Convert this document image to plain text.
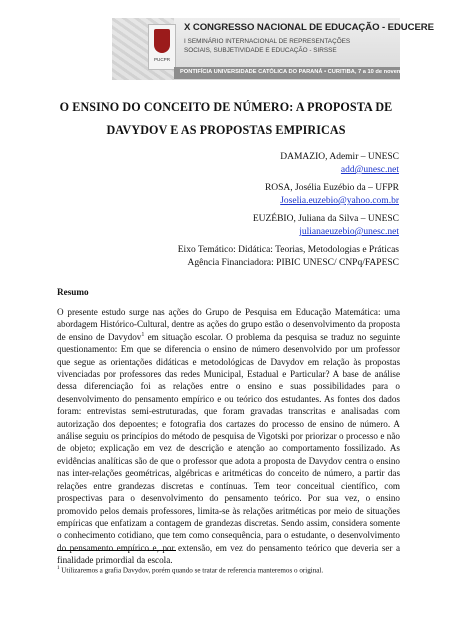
PUCPR
X CONGRESSO NACIONAL DE EDUCAÇÃO - EDUCERE
I SEMINÁRIO INTERNACIONAL DE REPRESENTAÇÕES
SOCIAIS, SUBJETIVIDADE E EDUCAÇÃO - SIRSSE
PONTIFÍCIA UNIVERSIDADE CATÓLICA DO PARANÁ • CURITIBA, 7 a 10 de novembro de 2011
O ENSINO DO CONCEITO DE NÚMERO: A PROPOSTA DE
DAVYDOV E AS PROPOSTAS EMPIRICAS
DAMAZIO, Ademir – UNESC
add@unesc.net
ROSA, Josélia Euzébio da – UFPR
Joselia.euzebio@yahoo.com.br
EUZÉBIO, Juliana da Silva – UNESC
julianaeuzebio@unesc.net
Eixo Temático: Didática: Teorias, Metodologias e Práticas
Agência Financiadora: PIBIC UNESC/ CNPq/FAPESC
Resumo

O presente estudo surge nas ações do Grupo de Pesquisa em Educação Matemática: uma abordagem Histórico-Cultural, dentre as ações do grupo estão o desenvolvimento da proposta de ensino de Davydov$^1$ em situação escolar. O problema da pesquisa se traduz no seguinte questionamento: Em que se diferencia o ensino de número desenvolvido por um professor que segue as orientações didáticas e metodológicas de Davydov em relação às propostas vivenciadas por professores das redes Municipal, Estadual e Particular? A base de análise dessa diferenciação foi as relações entre o ensino e suas possibilidades para o desenvolvimento do pensamento empírico e ou teórico dos estudantes. As fontes dos dados foram: entrevistas semi-estruturadas, que foram gravadas transcritas e analisadas com autorização dos depoentes; e fotografia dos cartazes do processo de ensino de número. A análise seguiu os princípios do método de pesquisa de Vigotski por priorizar o processo e não de objeto; explicação em vez de descrição e atenção ao comportamento fossilizado. As evidências analíticas são de que o professor que adota a proposta de Davydov centra o ensino nas inter-relações geométricas, algébricas e aritméticas do conceito de número, a partir das relações entre grandezas discretas e contínuas. Tem teor conceitual científico, com prospectivas para o desenvolvimento do pensamento teórico. Por sua vez, o ensino promovido pelos demais professores, limita-se às relações aritméticas por meio de situações empíricas que enfatizam a contagem de grandezas discretas. Sendo assim, considera somente o conhecimento cotidiano, que tem como consequência, para o estudante, o desenvolvimento do pensamento empírico e, por extensão, em vez do pensamento teórico que deveria ser a finalidade primordial da escola.

$^1$ Utilizaremos a grafia Davydov, porém quando se tratar de referencia manteremos o original.
